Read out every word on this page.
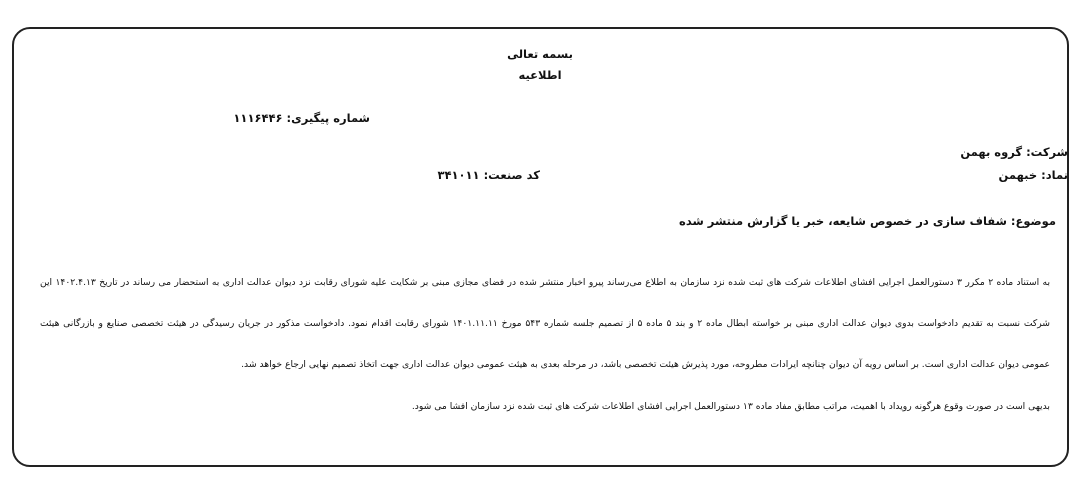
بسمه تعالی
اطلاعیه
شماره پیگیری: ۱۱۱۶۴۴۶
شرکت: گروه بهمن
نماد: خبهمن
کد صنعت: ۳۴۱۰۱۱
موضوع: شفاف سازی در خصوص شایعه، خبر یا گزارش منتشر شده
به استناد ماده ۲ مکرر ۳ دستورالعمل اجرایی افشای اطلاعات شرکت های ثبت شده نزد سازمان به اطلاع می‌رساند پیرو اخبار منتشر شده در فضای مجازی مبنی بر شکایت علیه شورای رقابت نزد دیوان عدالت اداری به استحضار می رساند در تاریخ ۱۴۰۲.۴.۱۳ این
شرکت نسبت به تقدیم دادخواست بدوی دیوان عدالت اداری مبنی بر خواسته ابطال ماده ۲ و بند ۵ ماده ۵ از تصمیم جلسه شماره ۵۴۳ مورخ ۱۴۰۱.۱۱.۱۱ شورای رقابت اقدام نمود. دادخواست مذکور در جریان رسیدگی در هیئت تخصصی صنایع و بازرگانی هیئت
عمومی دیوان عدالت اداری است. بر اساس رویه آن دیوان چنانچه ایرادات مطروحه، مورد پذیرش هیئت تخصصی باشد، در مرحله بعدی به هیئت عمومی دیوان عدالت اداری جهت اتخاذ تصمیم نهایی ارجاع خواهد شد.
بدیهی است در صورت وقوع هرگونه رویداد با اهمیت، مراتب مطابق مفاد ماده ۱۳ دستورالعمل اجرایی افشای اطلاعات شرکت های ثبت شده نزد سازمان افشا می شود.
